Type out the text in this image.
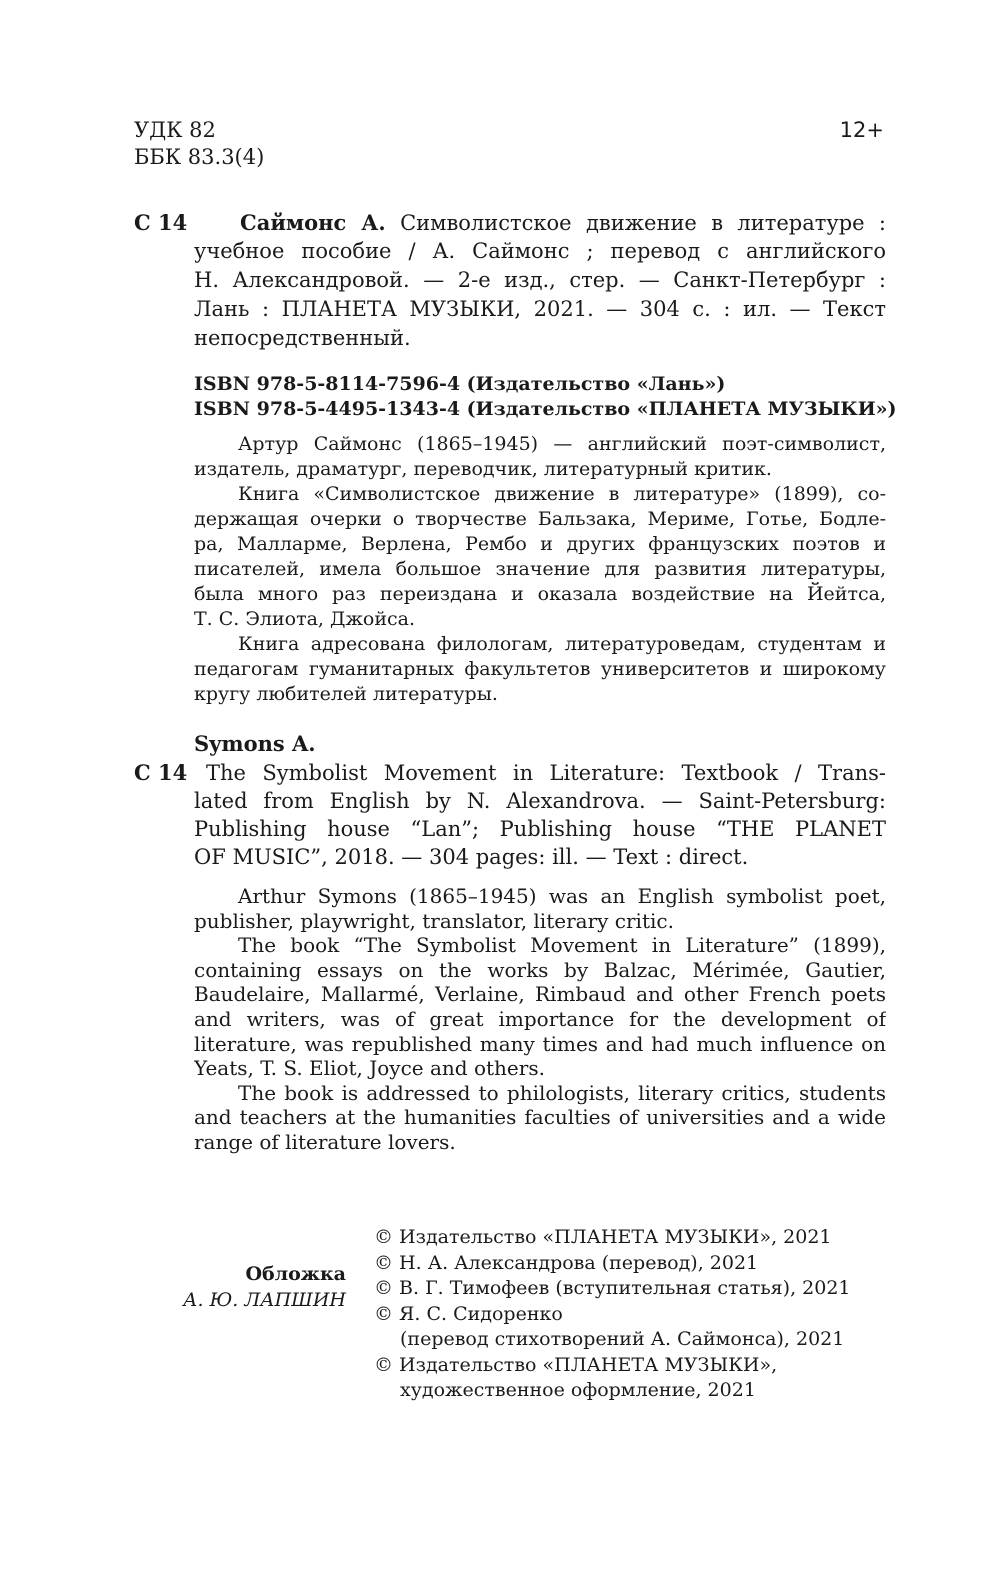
УДК 82
ББК 83.3(4)
12+
С 14	Саймонс А. Символистское движение в литературе :
учебное пособие / А. Саймонс ; перевод с английского
Н. Александровой. — 2-е изд., стер. — Санкт-Петербург :
Лань : ПЛАНЕТА МУЗЫКИ, 2021. — 304 с. : ил. — Текст
непосредственный.
ISBN 978-5-8114-7596-4 (Издательство «Лань»)
ISBN 978-5-4495-1343-4 (Издательство «ПЛАНЕТА МУЗЫКИ»)
Артур Саймонс (1865–1945) — английский поэт-символист,
издатель, драматург, переводчик, литературный критик.
Книга «Символистское движение в литературе» (1899), со-
держащая очерки о творчестве Бальзака, Мериме, Готье, Бодле-
ра, Малларме, Верлена, Рембо и других французских поэтов и
писателей, имела большое значение для развития литературы,
была много раз переиздана и оказала воздействие на Йейтса,
Т. С. Элиота, Джойса.
Книга адресована филологам, литературоведам, студентам и
педагогам гуманитарных факультетов университетов и широкому
кругу любителей литературы.
Symons A.
С 14 The Symbolist Movement in Literature: Textbook / Trans-
lated from English by N. Alexandrova. — Saint-Petersburg:
Publishing house “Lan”; Publishing house “THE PLANET
OF MUSIC”, 2018. — 304 pages: ill. — Text : direct.
Arthur Symons (1865–1945) was an English symbolist poet,
publisher, playwright, translator, literary critic.
The book “The Symbolist Movement in Literature” (1899),
containing essays on the works by Balzac, Mérimée, Gautier,
Baudelaire, Mallarmé, Verlaine, Rimbaud and other French poets
and writers, was of great importance for the development of
literature, was republished many times and had much influence on
Yeats, T. S. Eliot, Joyce and others.
The book is addressed to philologists, literary critics, students
and teachers at the humanities faculties of universities and a wide
range of literature lovers.
Обложка
А. Ю. ЛАПШИН
© Издательство «ПЛАНЕТА МУЗЫКИ», 2021
© Н. А. Александрова (перевод), 2021
© В. Г. Тимофеев (вступительная статья), 2021
© Я. С. Сидоренко
(перевод стихотворений А. Саймонса), 2021
© Издательство «ПЛАНЕТА МУЗЫКИ»,
художественное оформление, 2021
